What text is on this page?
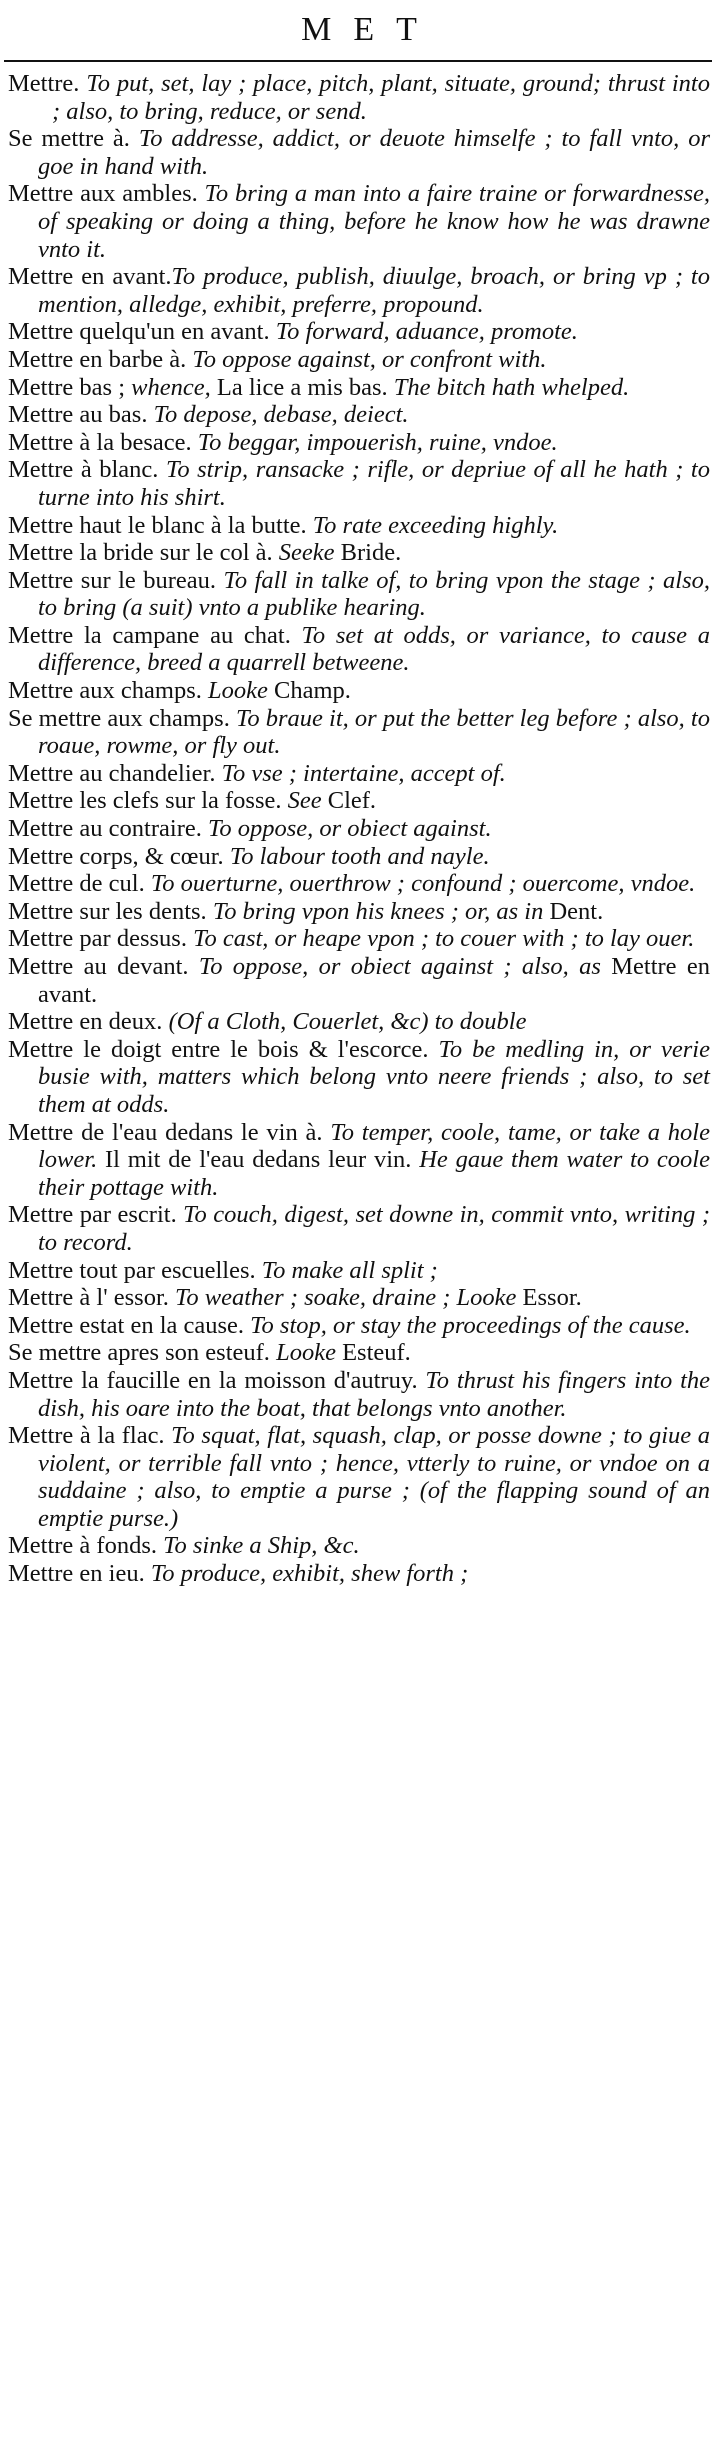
MET

Mettre. To put, set, lay ; place, pitch, plant, situate, ground; thrust into ; also, to bring, reduce, or send.

Se mettre à. To addresse, addict, or deuote himselfe ; to fall vnto, or goe in hand with.

Mettre aux ambles. To bring a man into a faire traine or forwardnesse, of speaking or doing a thing, before he know how he was drawne vnto it.

Mettre en avant.To produce, publish, diuulge, broach, or bring vp ; to mention, alledge, exhibit, preferre, propound.

Mettre quelqu'un en avant. To forward, aduance, promote.

Mettre en barbe à. To oppose against, or confront with.

Mettre bas ; whence, La lice a mis bas. The bitch hath whelped.

Mettre au bas. To depose, debase, deiect.

Mettre à la besace. To beggar, impouerish, ruine, vndoe.

Mettre à blanc. To strip, ransacke ; rifle, or depriue of all he hath ; to turne into his shirt.

Mettre haut le blanc à la butte. To rate exceeding highly.

Mettre la bride sur le col à. Seeke Bride.

Mettre sur le bureau. To fall in talke of, to bring vpon the stage ; also, to bring (a suit) vnto a publike hearing.

Mettre la campane au chat. To set at odds, or variance, to cause a difference, breed a quarrell betweene.

Mettre aux champs. Looke Champ.

Se mettre aux champs. To braue it, or put the better leg before ; also, to roaue, rowme, or fly out.

Mettre au chandelier. To vse ; intertaine, accept of.

Mettre les clefs sur la fosse. See Clef.

Mettre au contraire. To oppose, or obiect against.

Mettre corps, & cœur. To labour tooth and nayle.

Mettre de cul. To ouerturne, ouerthrow ; confound ; ouercome, vndoe.

Mettre sur les dents. To bring vpon his knees ; or, as in Dent.

Mettre par dessus. To cast, or heape vpon ; to couer with ; to lay ouer.

Mettre au devant. To oppose, or obiect against ; also, as Mettre en avant.

Mettre en deux. (Of a Cloth, Couerlet, &c) to double

Mettre le doigt entre le bois & l'escorce. To be medling in, or verie busie with, matters which belong vnto neere friends ; also, to set them at odds.

Mettre de l'eau dedans le vin à. To temper, coole, tame, or take a hole lower. Il mit de l'eau dedans leur vin. He gaue them water to coole their pottage with.

Mettre par escrit. To couch, digest, set downe in, commit vnto, writing ; to record.

Mettre tout par escuelles. To make all split ;

Mettre à l' essor. To weather ; soake, draine ; Looke Essor.

Mettre estat en la cause. To stop, or stay the proceedings of the cause.

Se mettre apres son esteuf. Looke Esteuf.

Mettre la faucille en la moisson d'autruy. To thrust his fingers into the dish, his oare into the boat, that belongs vnto another.

Mettre à la flac. To squat, flat, squash, clap, or posse downe ; to giue a violent, or terrible fall vnto ; hence, vtterly to ruine, or vndoe on a suddaine ; also, to emptie a purse ; (of the flapping sound of an emptie purse.)

Mettre à fonds. To sinke a Ship, &c.

Mettre en ieu. To produce, exhibit, shew forth ;
